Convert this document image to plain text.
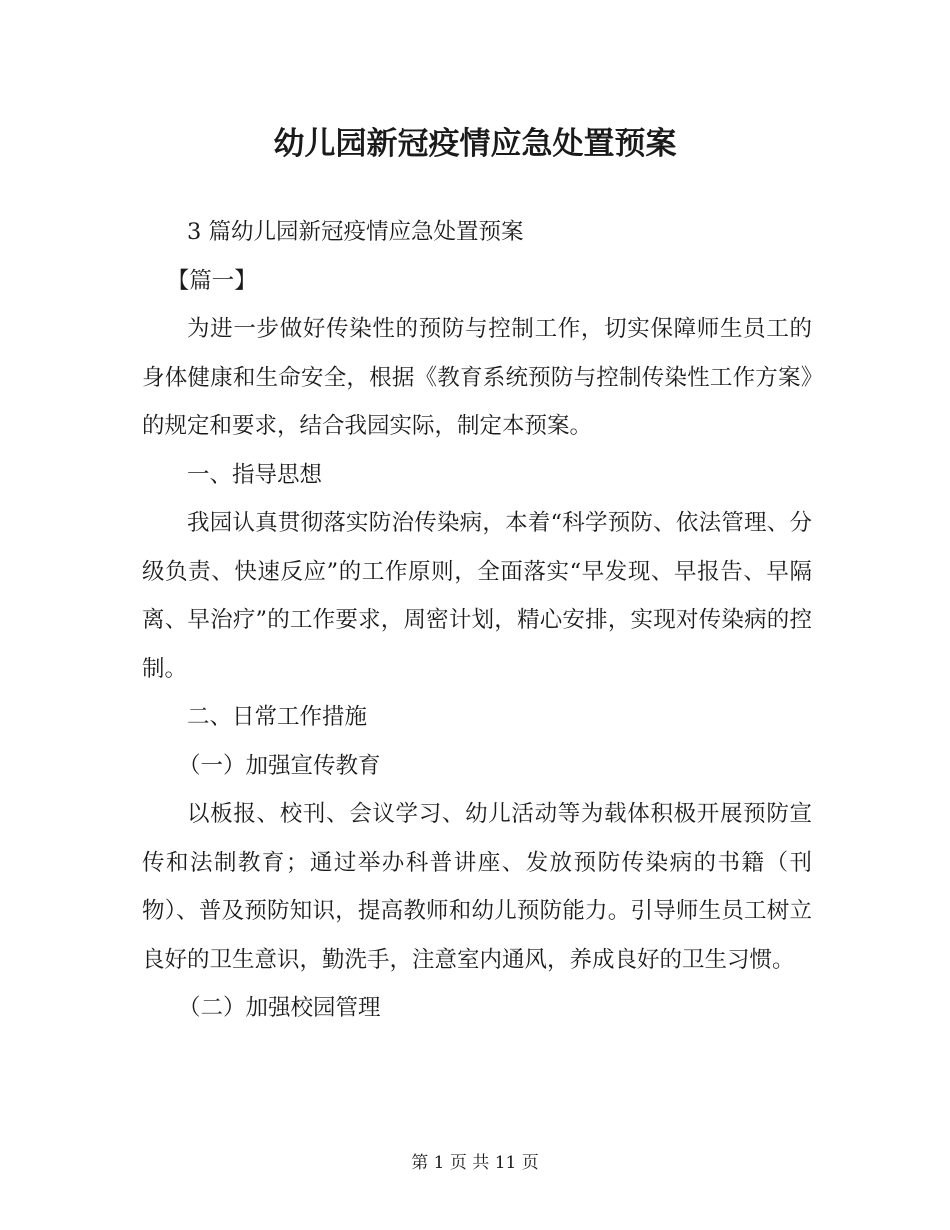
幼儿园新冠疫情应急处置预案

3 篇幼儿园新冠疫情应急处置预案

【篇一】

为进一步做好传染性的预防与控制工作，切实保障师生员工的身体健康和生命安全，根据《教育系统预防与控制传染性工作方案》的规定和要求，结合我园实际，制定本预案。

一、指导思想

我园认真贯彻落实防治传染病，本着“科学预防、依法管理、分级负责、快速反应”的工作原则，全面落实“早发现、早报告、早隔离、早治疗”的工作要求，周密计划，精心安排，实现对传染病的控制。

二、日常工作措施

（一）加强宣传教育

以板报、校刊、会议学习、幼儿活动等为载体积极开展预防宣传和法制教育；通过举办科普讲座、发放预防传染病的书籍（刊物）、普及预防知识，提高教师和幼儿预防能力。引导师生员工树立良好的卫生意识，勤洗手，注意室内通风，养成良好的卫生习惯。

（二）加强校园管理

第 1 页 共 11 页
